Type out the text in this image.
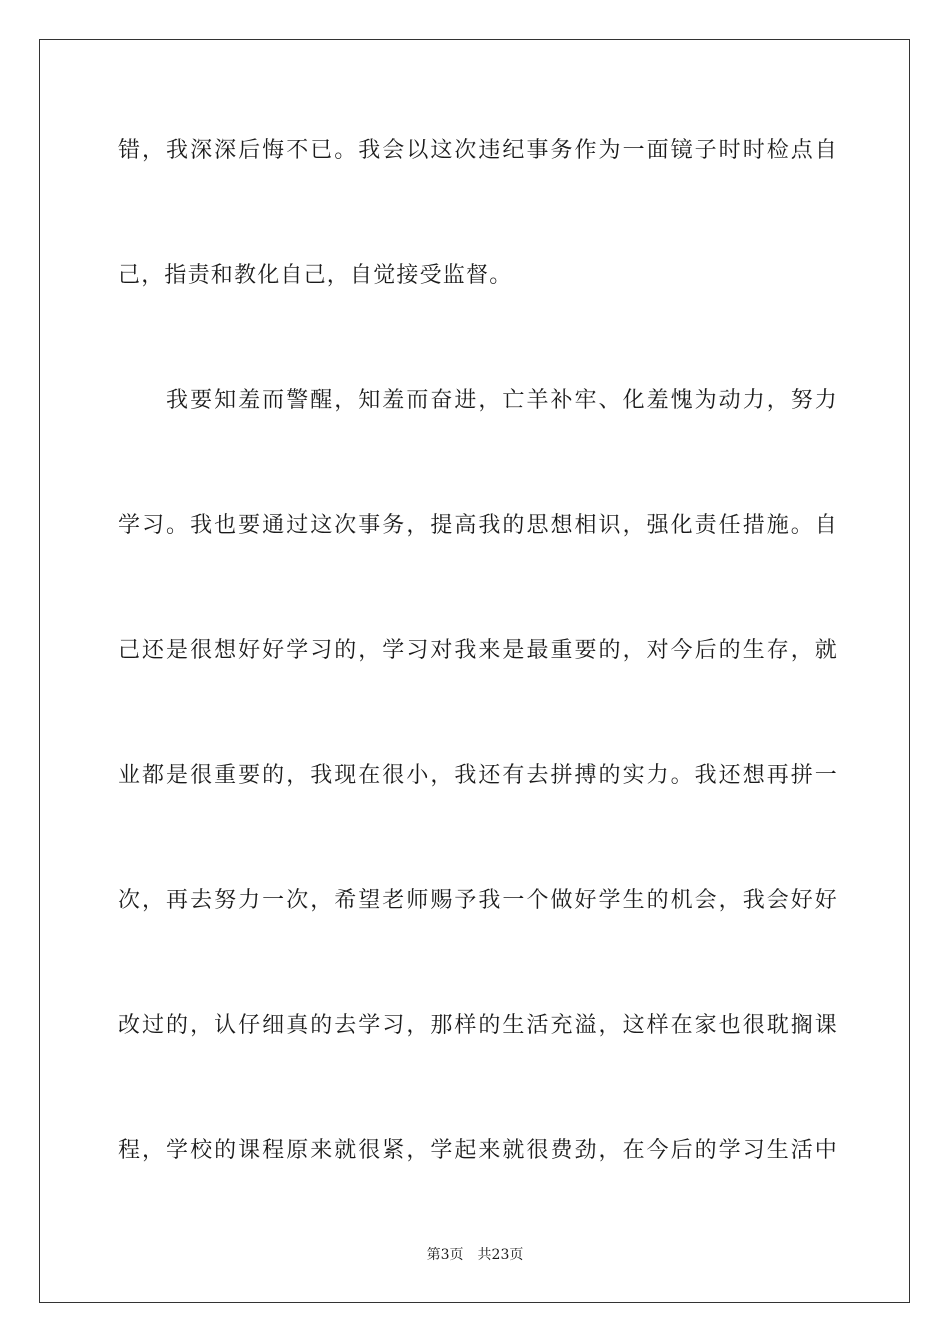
错，我深深后悔不已。我会以这次违纪事务作为一面镜子时时检点自
己，指责和教化自己，自觉接受监督。
　　我要知羞而警醒，知羞而奋进，亡羊补牢、化羞愧为动力，努力
学习。我也要通过这次事务，提高我的思想相识，强化责任措施。自
己还是很想好好学习的，学习对我来是最重要的，对今后的生存，就
业都是很重要的，我现在很小，我还有去拼搏的实力。我还想再拼一
次，再去努力一次，希望老师赐予我一个做好学生的机会，我会好好
改过的，认仔细真的去学习，那样的生活充溢，这样在家也很耽搁课
程，学校的课程原来就很紧，学起来就很费劲，在今后的学习生活中
第3页 共23页
